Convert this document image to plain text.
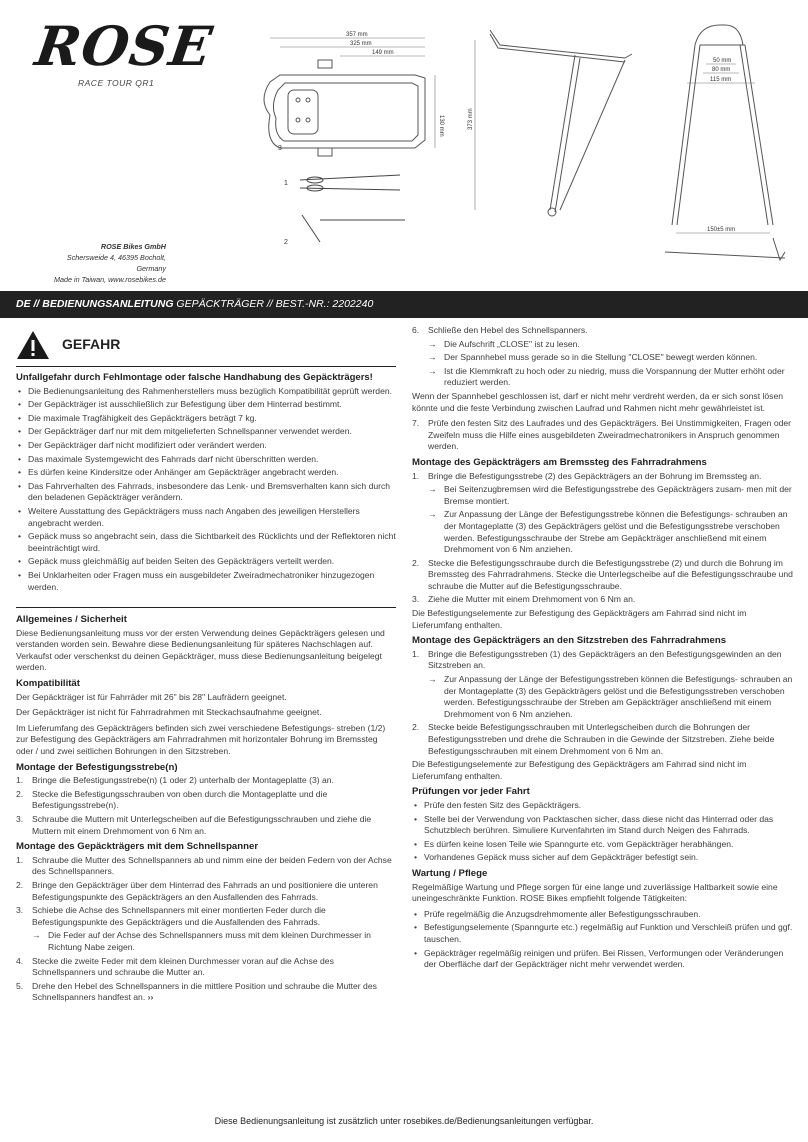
ROSE
RACE TOUR QR1
ROSE Bikes GmbH
Schersweide 4, 46395 Bocholt, Germany
Made in Taiwan, www.rosebikes.de
357 mm
325 mm
149 mm
130 mm
3
1
2
373 mm
50 mm
80 mm
115 mm
150±5 mm
DE // BEDIENUNGSANLEITUNG GEPÄCKTRÄGER // BEST.-NR.: 2202240
GEFAHR
Unfallgefahr durch Fehlmontage oder falsche Handhabung des Gepäckträgers!
• Die Bedienungsanleitung des Rahmenherstellers muss bezüglich Kompatibilität geprüft werden.
• Der Gepäckträger ist ausschließlich zur Befestigung über dem Hinterrad bestimmt.
• Die maximale Tragfähigkeit des Gepäckträgers beträgt 7 kg.
• Der Gepäckträger darf nur mit dem mitgelieferten Schnellspanner verwendet werden.
• Der Gepäckträger darf nicht modifiziert oder verändert werden.
• Das maximale Systemgewicht des Fahrrads darf nicht überschritten werden.
• Es dürfen keine Kindersitze oder Anhänger am Gepäckträger angebracht werden.
• Das Fahrverhalten des Fahrrads, insbesondere das Lenk- und Bremsverhalten kann sich durch den beladenen Gepäckträger verändern.
• Weitere Ausstattung des Gepäckträgers muss nach Angaben des jeweiligen Herstellers angebracht werden.
• Gepäck muss so angebracht sein, dass die Sichtbarkeit des Rücklichts und der Reflektoren nicht beeinträchtigt wird.
• Gepäck muss gleichmäßig auf beiden Seiten des Gepäckträgers verteilt werden.
• Bei Unklarheiten oder Fragen muss ein ausgebildeter Zweiradmechatroniker hinzugezogen werden.
Allgemeines / Sicherheit

Diese Bedienungsanleitung muss vor der ersten Verwendung deines Gepäckträgers gelesen und verstanden worden sein. Bewahre diese Bedienungsanleitung für späteres Nachschlagen auf. Verkaufst oder verschenkst du deinen Gepäckträger, muss diese Bedienungsanleitung beigelegt werden.

Kompatibilität

Der Gepäckträger ist für Fahrräder mit 26" bis 28" Laufrädern geeignet.

Der Gepäckträger ist nicht für Fahrradrahmen mit Steckachsaufnahme geeignet.

Im Lieferumfang des Gepäckträgers befinden sich zwei verschiedene Befestigungs- streben (1/2) zur Befestigung des Gepäckträgers am Fahrradrahmen mit horizontaler Bohrung im Bremssteg oder / und zwei seitlichen Bohrungen in den Sitzstreben.

Montage der Befestigungsstrebe(n)
1. Bringe die Befestigungsstrebe(n) (1 oder 2) unterhalb der Montageplatte (3) an.
2. Stecke die Befestigungsschrauben von oben durch die Montageplatte und die Befestigungsstrebe(n).
3. Schraube die Muttern mit Unterlegscheiben auf die Befestigungsschrauben und ziehe die Muttern mit einem Drehmoment von 6 Nm an.
Montage des Gepäckträgers mit dem Schnellspanner
1. Schraube die Mutter des Schnellspanners ab und nimm eine der beiden Federn von der Achse des Schnellspanners.
2. Bringe den Gepäckträger über dem Hinterrad des Fahrrads an und positioniere die unteren Befestigungspunkte des Gepäckträgers an den Ausfallenden des Fahrrads.
3. Schiebe die Achse des Schnellspanners mit einer montierten Feder durch die Befestigungspunkte des Gepäckträgers und die Ausfallenden des Fahrrads.
→ Die Feder auf der Achse des Schnellspanners muss mit dem kleinen Durchmesser in Richtung Nabe zeigen.
4. Stecke die zweite Feder mit dem kleinen Durchmesser voran auf die Achse des Schnellspanners und schraube die Mutter an.
5. Drehe den Hebel des Schnellspanners in die mittlere Position und schraube die Mutter des Schnellspanners handfest an. ››
6. Schließe den Hebel des Schnellspanners.
→ Die Aufschrift „CLOSE" ist zu lesen.
→ Der Spannhebel muss gerade so in die Stellung "CLOSE" bewegt werden können.
→ Ist die Klemmkraft zu hoch oder zu niedrig, muss die Vorspannung der Mutter erhöht oder reduziert werden.

Wenn der Spannhebel geschlossen ist, darf er nicht mehr verdreht werden, da er sich sonst lösen könnte und die feste Verbindung zwischen Laufrad und Rahmen nicht mehr gewährleistet ist.

7. Prüfe den festen Sitz des Laufrades und des Gepäckträgers. Bei Unstimmigkeiten, Fragen oder Zweifeln muss die Hilfe eines ausgebildeten Zweiradmechatronikers in Anspruch genommen werden.
Montage des Gepäckträgers am Bremssteg des Fahrradrahmens
1. Bringe die Befestigungsstrebe (2) des Gepäckträgers an der Bohrung im Bremssteg an.
→ Bei Seitenzugbremsen wird die Befestigungsstrebe des Gepäckträgers zusam- men mit der Bremse montiert.
→ Zur Anpassung der Länge der Befestigungsstrebe können die Befestigungs- schrauben an der Montageplatte (3) des Gepäckträgers gelöst und die Befestigungsstrebe verschoben werden. Befestigungsschraube der Strebe am Gepäckträger anschließend mit einem Drehmoment von 6 Nm anziehen.
2. Stecke die Befestigungsschraube durch die Befestigungsstrebe (2) und durch die Bohrung im Bremssteg des Fahrradrahmens. Stecke die Unterlegscheibe auf die Befestigungsschraube und schraube die Mutter auf die Befestigungsschraube.
3. Ziehe die Mutter mit einem Drehmoment von 6 Nm an.

Die Befestigungselemente zur Befestigung des Gepäckträgers am Fahrrad sind nicht im Lieferumfang enthalten.

Montage des Gepäckträgers an den Sitzstreben des Fahrradrahmens
1. Bringe die Befestigungsstreben (1) des Gepäckträgers an den Befestigungsgewinden an den Sitzstreben an.
→ Zur Anpassung der Länge der Befestigungsstreben können die Befestigungs- schrauben an der Montageplatte (3) des Gepäckträgers gelöst und die Befestigungsstreben verschoben werden. Befestigungsschraube der Streben am Gepäckträger anschließend mit einem Drehmoment von 6 Nm anziehen.
2. Stecke beide Befestigungsschrauben mit Unterlegscheiben durch die Bohrungen der Befestigungsstreben und drehe die Schrauben in die Gewinde der Sitzstreben. Ziehe beide Befestigungsschrauben mit einem Drehmoment von 6 Nm an.

Die Befestigungselemente zur Befestigung des Gepäckträgers am Fahrrad sind nicht im Lieferumfang enthalten.

Prüfungen vor jeder Fahrt
• Prüfe den festen Sitz des Gepäckträgers.
• Stelle bei der Verwendung von Packtaschen sicher, dass diese nicht das Hinterrad oder das Schutzblech berühren. Simuliere Kurvenfahrten im Stand durch Neigen des Fahrrads.
• Es dürfen keine losen Teile wie Spanngurte etc. vom Gepäckträger herabhängen.
• Vorhandenes Gepäck muss sicher auf dem Gepäckträger befestigt sein.
Wartung / Pflege

Regelmäßige Wartung und Pflege sorgen für eine lange und zuverlässige Haltbarkeit sowie eine uneingeschränkte Funktion. ROSE Bikes empfiehlt folgende Tätigkeiten:

• Prüfe regelmäßig die Anzugsdrehmomente aller Befestigungsschrauben.
• Befestigungselemente (Spanngurte etc.) regelmäßig auf Funktion und Verschleiß prüfen und ggf. tauschen.
• Gepäckträger regelmäßig reinigen und prüfen. Bei Rissen, Verformungen oder Veränderungen der Oberfläche darf der Gepäckträger nicht mehr verwendet werden.
Diese Bedienungsanleitung ist zusätzlich unter rosebikes.de/Bedienungsanleitungen verfügbar.
